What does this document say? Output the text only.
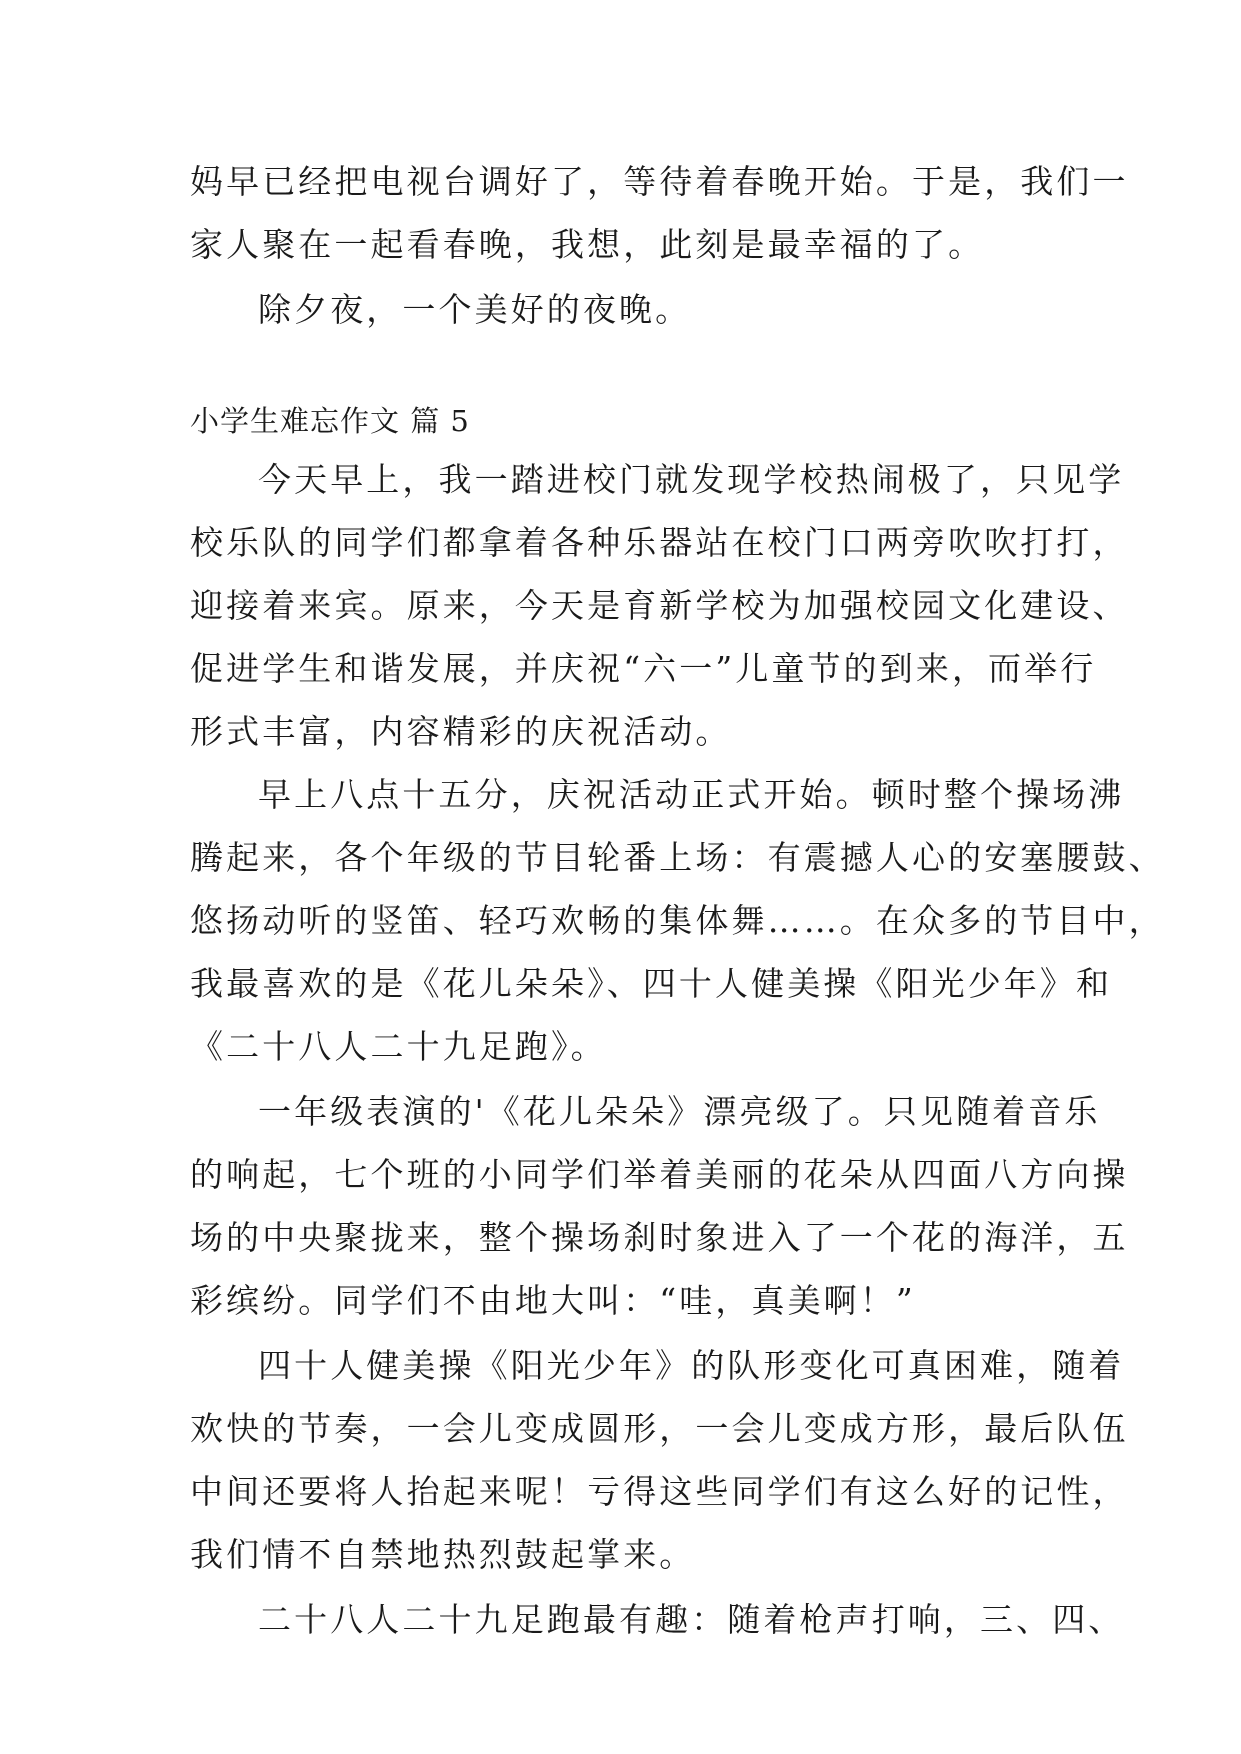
妈早已经把电视台调好了，等待着春晚开始。于是，我们一
家人聚在一起看春晚，我想，此刻是最幸福的了。
除夕夜，一个美好的夜晚。
小学生难忘作文 篇 5
今天早上，我一踏进校门就发现学校热闹极了，只见学
校乐队的同学们都拿着各种乐器站在校门口两旁吹吹打打，
迎接着来宾。原来，今天是育新学校为加强校园文化建设、
促进学生和谐发展，并庆祝“六一”儿童节的到来，而举行
形式丰富，内容精彩的庆祝活动。
早上八点十五分，庆祝活动正式开始。顿时整个操场沸
腾起来，各个年级的节目轮番上场：有震撼人心的安塞腰鼓、
悠扬动听的竖笛、轻巧欢畅的集体舞……。在众多的节目中，
我最喜欢的是《花儿朵朵》、四十人健美操《阳光少年》和
《二十八人二十九足跑》。
一年级表演的'《花儿朵朵》漂亮级了。只见随着音乐
的响起，七个班的小同学们举着美丽的花朵从四面八方向操
场的中央聚拢来，整个操场刹时象进入了一个花的海洋，五
彩缤纷。同学们不由地大叫：“哇，真美啊！”
四十人健美操《阳光少年》的队形变化可真困难，随着
欢快的节奏，一会儿变成圆形，一会儿变成方形，最后队伍
中间还要将人抬起来呢！亏得这些同学们有这么好的记性，
我们情不自禁地热烈鼓起掌来。
二十八人二十九足跑最有趣：随着枪声打响，三、四、
